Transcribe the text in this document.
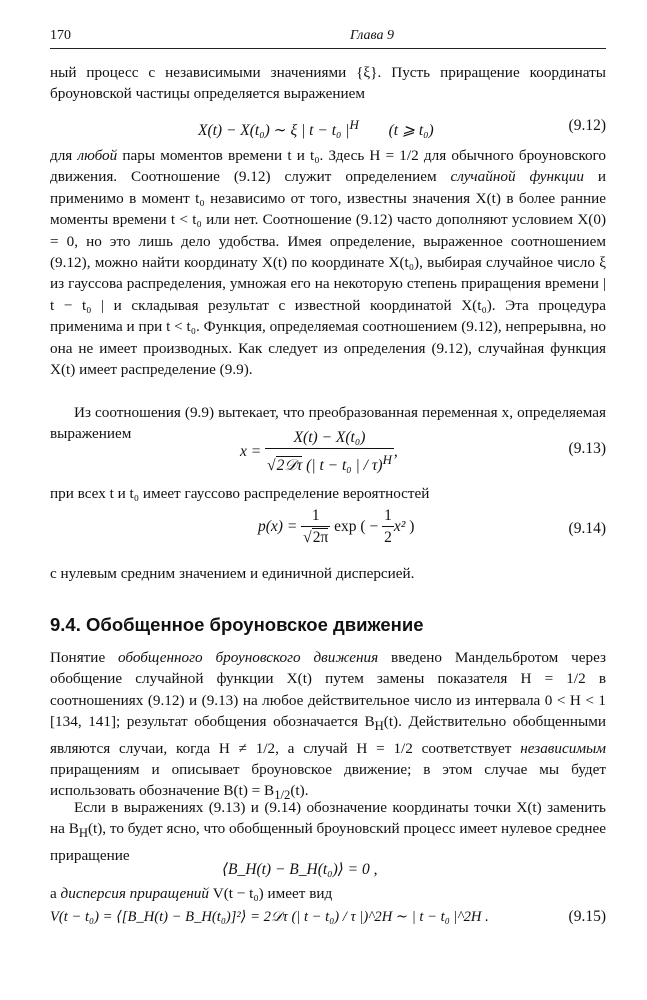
170	Глава 9

ный процесс с независимыми значениями {ξ}. Пусть приращение координаты броуновской частицы определяется выражением

X(t) − X(t₀) ∼ ξ | t − t₀ $|^H$ (t ⩾ t₀)	(9.12)

для любой пары моментов времени t и t₀. Здесь H = 1/2 для обычного броуновского движения. Соотношение (9.12) служит определением случайной функции и применимо в момент t₀ независимо от того, известны значения X(t) в более ранние моменты времени t < t₀ или нет. Соотношение (9.12) часто дополняют условием X(0) = 0, но это лишь дело удобства. Имея определение, выраженное соотношением (9.12), можно найти координату X(t) по координате X(t₀), выбирая случайное число ξ из гауссова распределения, умножая его на некоторую степень приращения времени | t − t₀ | и складывая результат с известной координатой X(t₀). Эта процедура применима и при t < t₀. Функция, определяемая соотношением (9.12), непрерывна, но она не имеет производных. Как следует из определения (9.12), случайная функция X(t) имеет распределение (9.9).

Из соотношения (9.9) вытекает, что преобразованная переменная x, определяемая выражением

$x = \frac{\text{X(t) − X(t₀)}}{√2𝒟\tau (| t - t_0 | / \tau)^H}$ ,	(9.13)

при всех t и t₀ имеет гауссово распределение вероятностей

$p(x) = \frac{1}{√2\pi}$ exp ( − $\frac{1}{2} x^2$ )	(9.14)

с нулевым средним значением и единичной дисперсией.

9.4. Обобщенное броуновское движение

Понятие обобщенного броуновского движения введено Мандельбротом через обобщение случайной функции X(t) путем замены показателя H = 1/2 в соотношениях (9.12) и (9.13) на любое действительное число из интервала 0 < H < 1 [134, 141]; результат обобщения обозначается $B_H(t)$. Действительно обобщенными являются случаи, когда H ≠ 1/2, а случай H = 1/2 соответствует независимым приращениям и описывает броуновское движение; в этом случае мы будет использовать обозначение $B(t) = B_{1/2}(t)$.

Если в выражениях (9.13) и (9.14) обозначение координаты точки X(t) заменить на $B_H(t)$, то будет ясно, что обобщенный броуновский процесс имеет нулевое среднее приращение

⟨B_H(t) − B_H(t₀)⟩ = 0 ,

а дисперсия приращений V(t − t₀) имеет вид

V(t − t₀) = ⟨[B_H(t) − B_H(t₀)]²⟩ = 2𝒟τ (| t − t₀) / τ |)^2H ∼ | t − t₀ |^2H .	(9.15)
